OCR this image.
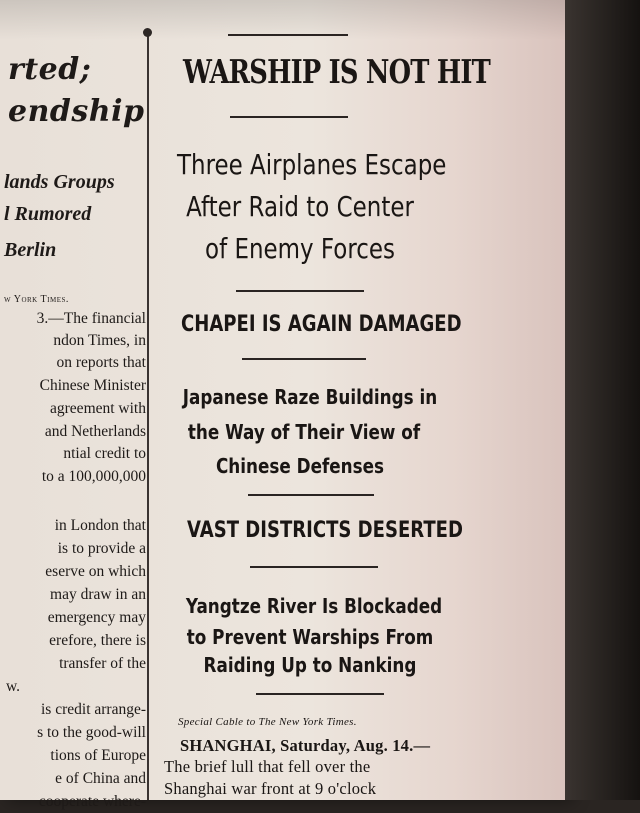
rted;
endship
lands Groups
l Rumored
Berlin
w York Times.
3.—The financial
ndon Times, in
on reports that
Chinese Minister
agreement with
and Netherlands
ntial credit to
to a 100,000,000
in London that
is to provide a
eserve on which
may draw in an
emergency may
erefore, there is
transfer of the
w.
is credit arrange-
s to the good-will
tions of Europe
e of China and
cooperate where-
WARSHIP IS NOT HIT
Three Airplanes Escape
After Raid to Center
of Enemy Forces
CHAPEI IS AGAIN DAMAGED
Japanese Raze Buildings in
the Way of Their View of
Chinese Defenses
VAST DISTRICTS DESERTED
Yangtze River Is Blockaded
to Prevent Warships From
Raiding Up to Nanking
Special Cable to The New York Times.
SHANGHAI, Saturday, Aug. 14.—
The brief lull that fell over the
Shanghai war front at 9 o'clock
